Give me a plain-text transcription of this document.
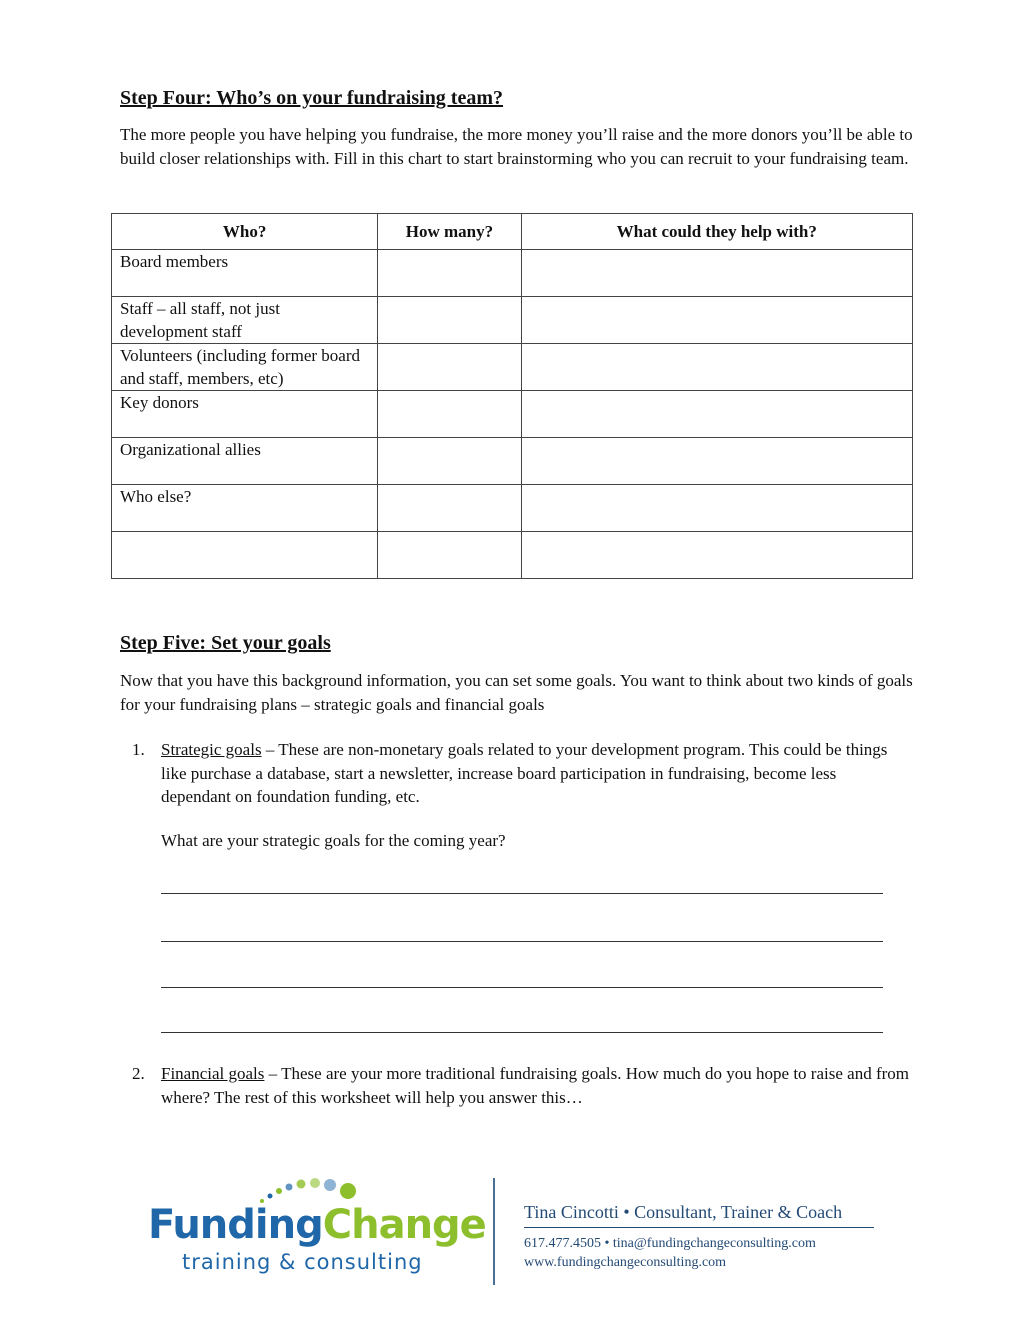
Step Four: Who’s on your fundraising team?

The more people you have helping you fundraise, the more money you’ll raise and the more donors you’ll be able to build closer relationships with. Fill in this chart to start brainstorming who you can recruit to your fundraising team.

Who?	How many?	What could they help with?
Board members		
Staff – all staff, not just development staff		
Volunteers (including former board and staff, members, etc)		
Key donors		
Organizational allies		
Who else?		

Step Five: Set your goals

Now that you have this background information, you can set some goals. You want to think about two kinds of goals for your fundraising plans – strategic goals and financial goals

1. Strategic goals – These are non-monetary goals related to your development program. This could be things like purchase a database, start a newsletter, increase board participation in fundraising, become less dependant on foundation funding, etc.
What are your strategic goals for the coming year?
2. Financial goals – These are your more traditional fundraising goals. How much do you hope to raise and from where? The rest of this worksheet will help you answer this…
FundingChange
training & consulting
Tina Cincotti • Consultant, Trainer & Coach
617.477.4505 • tina@fundingchangeconsulting.com
www.fundingchangeconsulting.com
